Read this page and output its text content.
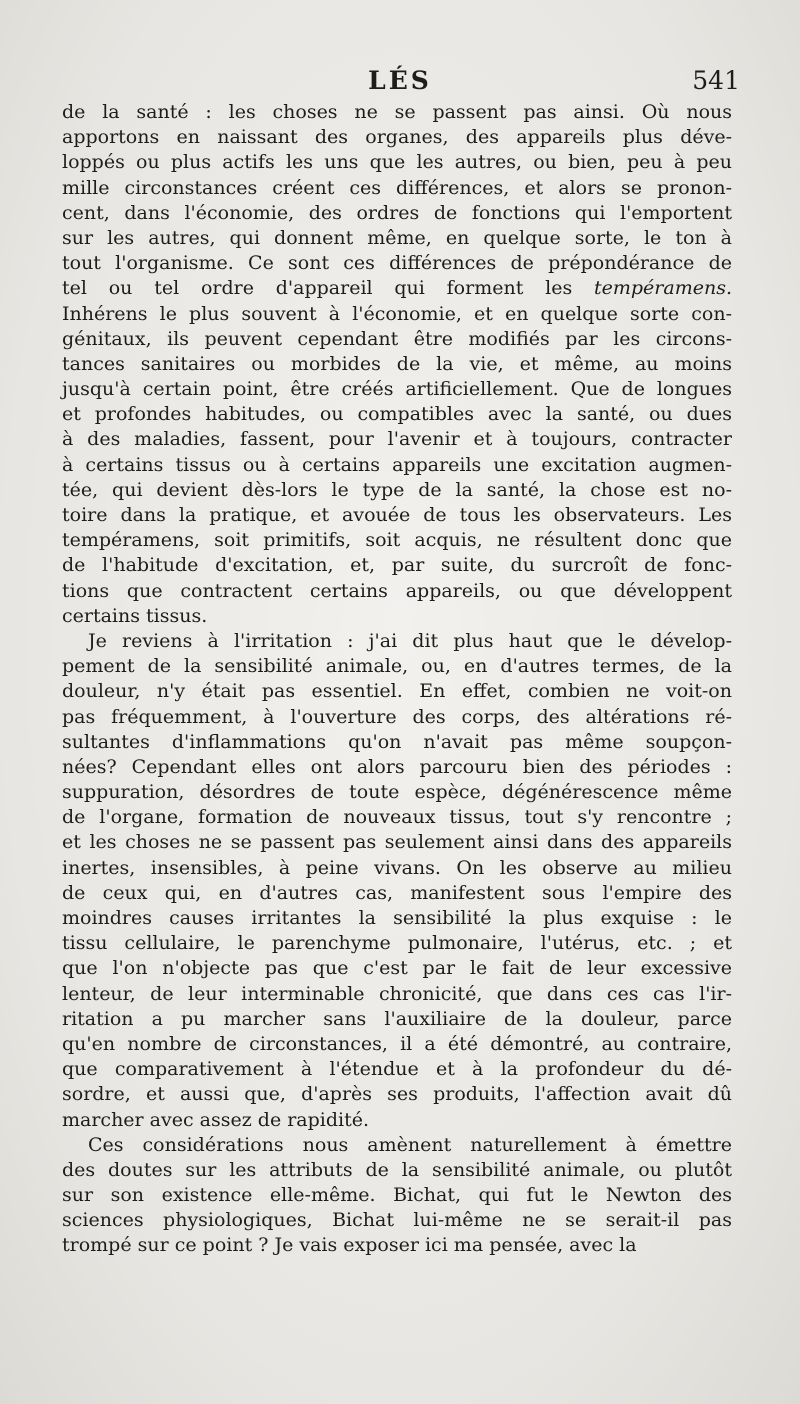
LÉS	541
de la santé : les choses ne se passent pas ainsi. Où nous
apportons en naissant des organes, des appareils plus déve-
loppés ou plus actifs les uns que les autres, ou bien, peu à peu
mille circonstances créent ces différences, et alors se pronon-
cent, dans l'économie, des ordres de fonctions qui l'emportent
sur les autres, qui donnent même, en quelque sorte, le ton à
tout l'organisme. Ce sont ces différences de prépondérance de
tel ou tel ordre d'appareil qui forment les tempéramens.
Inhérens le plus souvent à l'économie, et en quelque sorte con-
génitaux, ils peuvent cependant être modifiés par les circons-
tances sanitaires ou morbides de la vie, et même, au moins
jusqu'à certain point, être créés artificiellement. Que de longues
et profondes habitudes, ou compatibles avec la santé, ou dues
à des maladies, fassent, pour l'avenir et à toujours, contracter
à certains tissus ou à certains appareils une excitation augmen-
tée, qui devient dès-lors le type de la santé, la chose est no-
toire dans la pratique, et avouée de tous les observateurs. Les
tempéramens, soit primitifs, soit acquis, ne résultent donc que
de l'habitude d'excitation, et, par suite, du surcroît de fonc-
tions que contractent certains appareils, ou que développent
certains tissus.
Je reviens à l'irritation : j'ai dit plus haut que le dévelop-
pement de la sensibilité animale, ou, en d'autres termes, de la
douleur, n'y était pas essentiel. En effet, combien ne voit-on
pas fréquemment, à l'ouverture des corps, des altérations ré-
sultantes d'inflammations qu'on n'avait pas même soupçon-
nées? Cependant elles ont alors parcouru bien des périodes :
suppuration, désordres de toute espèce, dégénérescence même
de l'organe, formation de nouveaux tissus, tout s'y rencontre ;
et les choses ne se passent pas seulement ainsi dans des appareils
inertes, insensibles, à peine vivans. On les observe au milieu
de ceux qui, en d'autres cas, manifestent sous l'empire des
moindres causes irritantes la sensibilité la plus exquise : le
tissu cellulaire, le parenchyme pulmonaire, l'utérus, etc. ; et
que l'on n'objecte pas que c'est par le fait de leur excessive
lenteur, de leur interminable chronicité, que dans ces cas l'ir-
ritation a pu marcher sans l'auxiliaire de la douleur, parce
qu'en nombre de circonstances, il a été démontré, au contraire,
que comparativement à l'étendue et à la profondeur du dé-
sordre, et aussi que, d'après ses produits, l'affection avait dû
marcher avec assez de rapidité.
Ces considérations nous amènent naturellement à émettre
des doutes sur les attributs de la sensibilité animale, ou plutôt
sur son existence elle-même. Bichat, qui fut le Newton des
sciences physiologiques, Bichat lui-même ne se serait-il pas
trompé sur ce point ? Je vais exposer ici ma pensée, avec la
